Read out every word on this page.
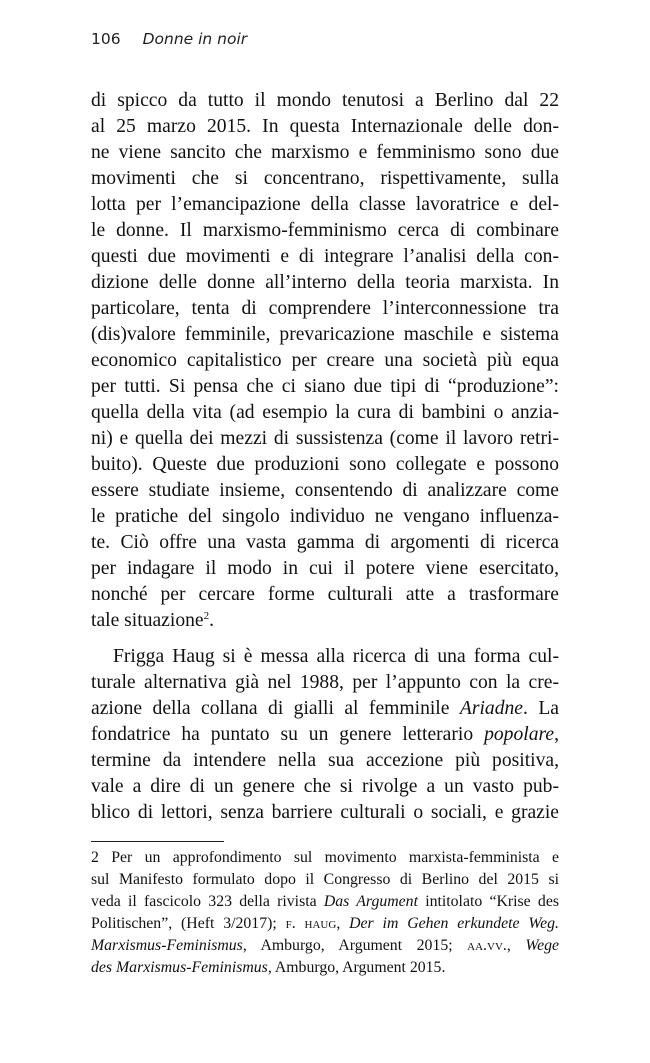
106 Donne in noir
di spicco da tutto il mondo tenutosi a Berlino dal 22
al 25 marzo 2015. In questa Internazionale delle don-
ne viene sancito che marxismo e femminismo sono due
movimenti che si concentrano, rispettivamente, sulla
lotta per l’emancipazione della classe lavoratrice e del-
le donne. Il marxismo-femminismo cerca di combinare
questi due movimenti e di integrare l’analisi della con-
dizione delle donne all’interno della teoria marxista. In
particolare, tenta di comprendere l’interconnessione tra
(dis)valore femminile, prevaricazione maschile e sistema
economico capitalistico per creare una società più equa
per tutti. Si pensa che ci siano due tipi di “produzione”:
quella della vita (ad esempio la cura di bambini o anzia-
ni) e quella dei mezzi di sussistenza (come il lavoro retri-
buito). Queste due produzioni sono collegate e possono
essere studiate insieme, consentendo di analizzare come
le pratiche del singolo individuo ne vengano influenza-
te. Ciò offre una vasta gamma di argomenti di ricerca
per indagare il modo in cui il potere viene esercitato,
nonché per cercare forme culturali atte a trasformare
tale situazione$^2$.
Frigga Haug si è messa alla ricerca di una forma cul-
turale alternativa già nel 1988, per l’appunto con la cre-
azione della collana di gialli al femminile Ariadne. La
fondatrice ha puntato su un genere letterario popolare,
termine da intendere nella sua accezione più positiva,
vale a dire di un genere che si rivolge a un vasto pub-
blico di lettori, senza barriere culturali o sociali, e grazie
2 Per un approfondimento sul movimento marxista-femminista e
sul Manifesto formulato dopo il Congresso di Berlino del 2015 si
veda il fascicolo 323 della rivista Das Argument intitolato “Krise des
Politischen”, (Heft 3/2017); f. haug, Der im Gehen erkundete Weg.
Marxismus-Feminismus, Amburgo, Argument 2015; aa.vv., Wege
des Marxismus-Feminismus, Amburgo, Argument 2015.
